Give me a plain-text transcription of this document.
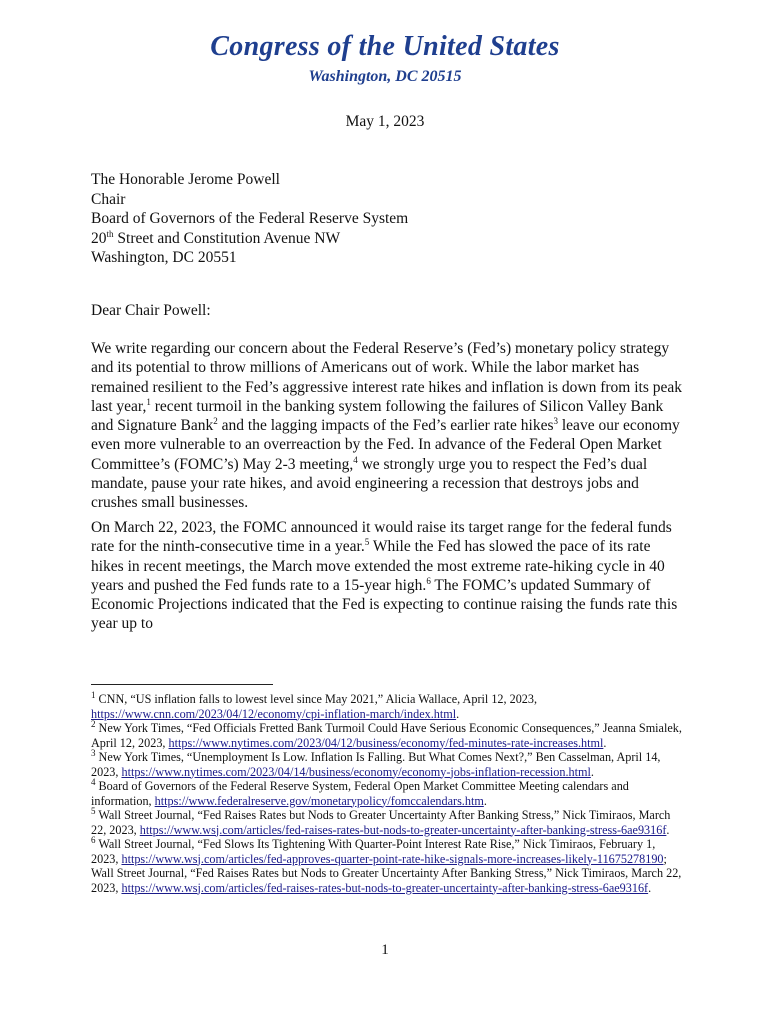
Congress of the United States
Washington, DC 20515
May 1, 2023
The Honorable Jerome Powell
Chair
Board of Governors of the Federal Reserve System
20th Street and Constitution Avenue NW
Washington, DC 20551
Dear Chair Powell:
We write regarding our concern about the Federal Reserve’s (Fed’s) monetary policy strategy and its potential to throw millions of Americans out of work. While the labor market has remained resilient to the Fed’s aggressive interest rate hikes and inflation is down from its peak last year,$^1$ recent turmoil in the banking system following the failures of Silicon Valley Bank and Signature Bank$^2$ and the lagging impacts of the Fed’s earlier rate hikes$^3$ leave our economy even more vulnerable to an overreaction by the Fed. In advance of the Federal Open Market Committee’s (FOMC’s) May 2-3 meeting,$^4$ we strongly urge you to respect the Fed’s dual mandate, pause your rate hikes, and avoid engineering a recession that destroys jobs and crushes small businesses.
On March 22, 2023, the FOMC announced it would raise its target range for the federal funds rate for the ninth-consecutive time in a year.$^5$ While the Fed has slowed the pace of its rate hikes in recent meetings, the March move extended the most extreme rate-hiking cycle in 40 years and pushed the Fed funds rate to a 15-year high.$^6$ The FOMC’s updated Summary of Economic Projections indicated that the Fed is expecting to continue raising the funds rate this year up to

$^1$ CNN, “US inflation falls to lowest level since May 2021,” Alicia Wallace, April 12, 2023, https://www.cnn.com/2023/04/12/economy/cpi-inflation-march/index.html.

$^2$ New York Times, “Fed Officials Fretted Bank Turmoil Could Have Serious Economic Consequences,” Jeanna Smialek, April 12, 2023, https://www.nytimes.com/2023/04/12/business/economy/fed-minutes-rate-increases.html.

$^3$ New York Times, “Unemployment Is Low. Inflation Is Falling. But What Comes Next?,” Ben Casselman, April 14, 2023, https://www.nytimes.com/2023/04/14/business/economy/economy-jobs-inflation-recession.html.

$^4$ Board of Governors of the Federal Reserve System, Federal Open Market Committee Meeting calendars and information, https://www.federalreserve.gov/monetarypolicy/fomccalendars.htm.

$^5$ Wall Street Journal, “Fed Raises Rates but Nods to Greater Uncertainty After Banking Stress,” Nick Timiraos, March 22, 2023, https://www.wsj.com/articles/fed-raises-rates-but-nods-to-greater-uncertainty-after-banking-stress-6ae9316f.

$^6$ Wall Street Journal, “Fed Slows Its Tightening With Quarter-Point Interest Rate Rise,” Nick Timiraos, February 1, 2023, https://www.wsj.com/articles/fed-approves-quarter-point-rate-hike-signals-more-increases-likely-11675278190; Wall Street Journal, “Fed Raises Rates but Nods to Greater Uncertainty After Banking Stress,” Nick Timiraos, March 22, 2023, https://www.wsj.com/articles/fed-raises-rates-but-nods-to-greater-uncertainty-after-banking-stress-6ae9316f.

1
